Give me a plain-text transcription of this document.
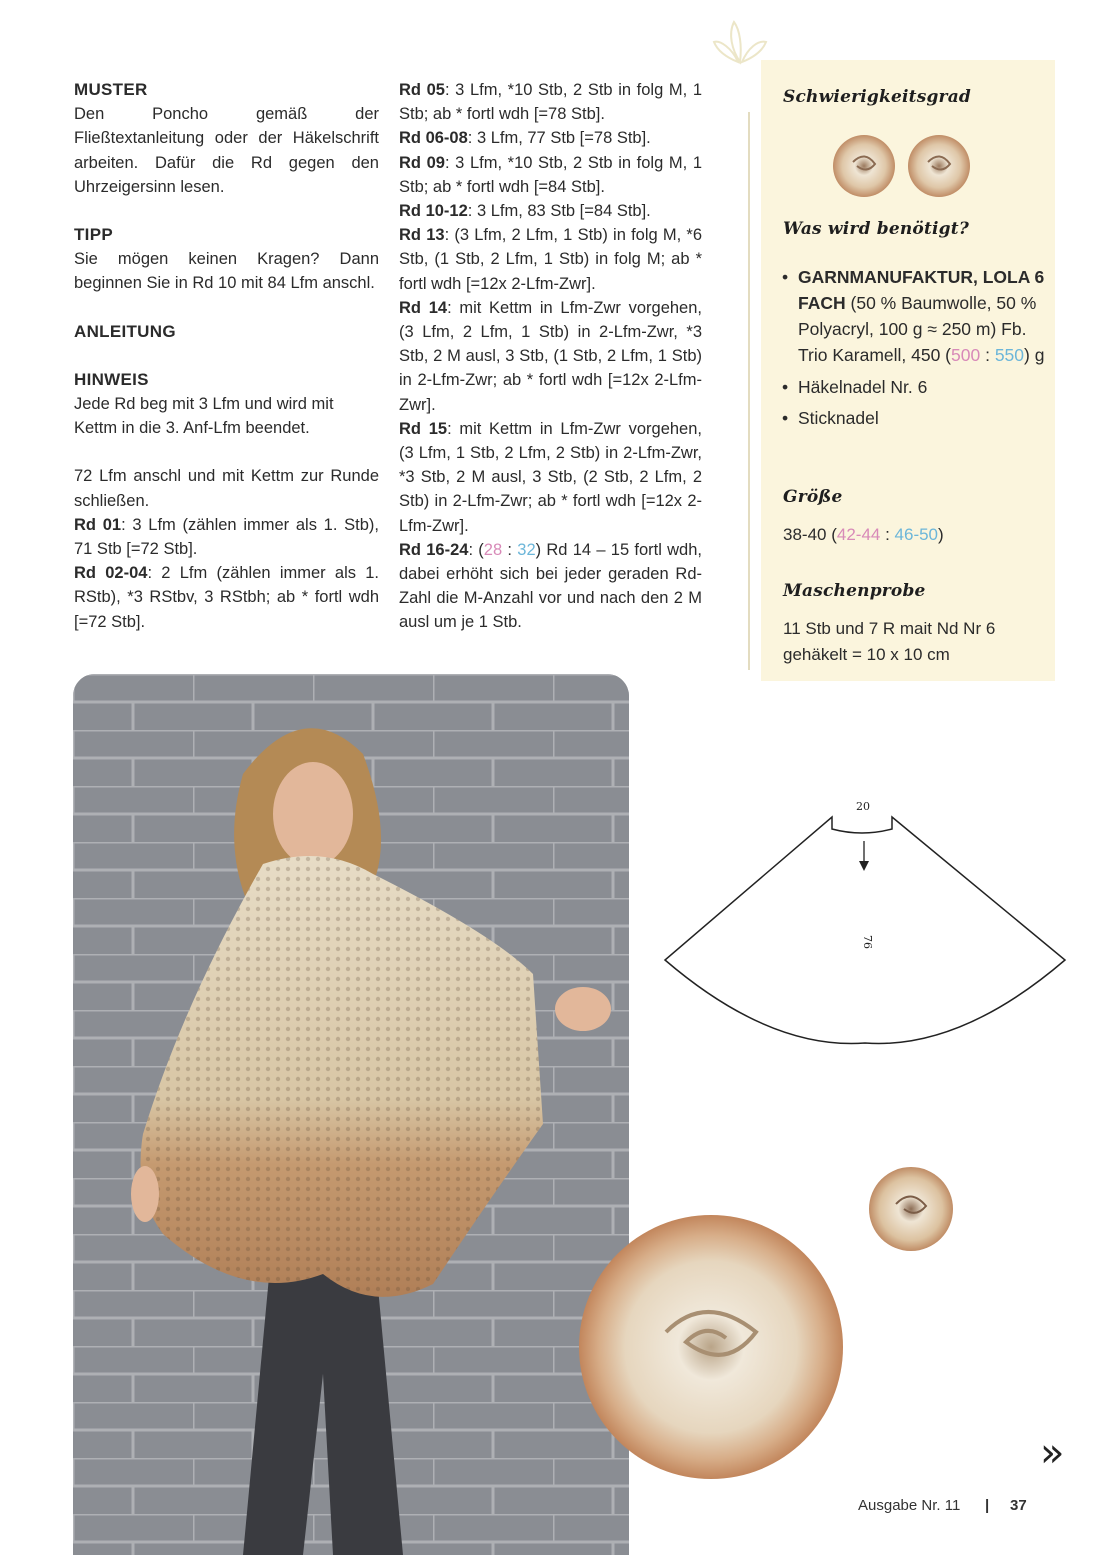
MUSTER

Den Poncho gemäß der Fließtextanleitung oder der Häkelschrift arbeiten. Dafür die Rd gegen den Uhrzeigersinn lesen.

TIPP

Sie mögen keinen Kragen? Dann beginnen Sie in Rd 10 mit 84 Lfm anschl.

ANLEITUNG

HINWEIS

Jede Rd beg mit 3 Lfm und wird mit Kettm in die 3. Anf-Lfm beendet.

72 Lfm anschl und mit Kettm zur Runde schließen.

Rd 01: 3 Lfm (zählen immer als 1. Stb), 71 Stb [=72 Stb].

Rd 02-04: 2 Lfm (zählen immer als 1. RStb), *3 RStbv, 3 RStbh; ab * fortl wdh [=72 Stb].

Rd 05: 3 Lfm, *10 Stb, 2 Stb in folg M, 1 Stb; ab * fortl wdh [=78 Stb].

Rd 06-08: 3 Lfm, 77 Stb [=78 Stb].

Rd 09: 3 Lfm, *10 Stb, 2 Stb in folg M, 1 Stb; ab * fortl wdh [=84 Stb].

Rd 10-12: 3 Lfm, 83 Stb [=84 Stb].

Rd 13: (3 Lfm, 2 Lfm, 1 Stb) in folg M, *6 Stb, (1 Stb, 2 Lfm, 1 Stb) in folg M; ab * fortl wdh [=12x 2-Lfm-Zwr].

Rd 14: mit Kettm in Lfm-Zwr vorgehen, (3 Lfm, 2 Lfm, 1 Stb) in 2-Lfm-Zwr, *3 Stb, 2 M ausl, 3 Stb, (1 Stb, 2 Lfm, 1 Stb) in 2-Lfm-Zwr; ab * fortl wdh [=12x 2-Lfm-Zwr].

Rd 15: mit Kettm in Lfm-Zwr vorgehen, (3 Lfm, 1 Stb, 2 Lfm, 2 Stb) in 2-Lfm-Zwr, *3 Stb, 2 M ausl, 3 Stb, (2 Stb, 2 Lfm, 2 Stb) in 2-Lfm-Zwr; ab * fortl wdh [=12x 2-Lfm-Zwr].

Rd 16-24: (28 : 32) Rd 14 – 15 fortl wdh, dabei erhöht sich bei jeder geraden Rd-Zahl die M-Anzahl vor und nach den 2 M ausl um je 1 Stb.

Schwierigkeitsgrad
Was wird benötigt?
• GARNMANUFAKTUR, LOLA 6 FACH (50 % Baumwolle, 50 % Polyacryl, 100 g ≈ 250 m) Fb. Trio Karamell, 450 (500 : 550) g
• Häkelnadel Nr. 6
• Sticknadel
Größe
38-40 (42-44 : 46-50)
Maschenprobe
11 Stb und 7 R mait Nd Nr 6 gehäkelt = 10 x 10 cm
20
76
»
Ausgabe Nr. 11 | 37
